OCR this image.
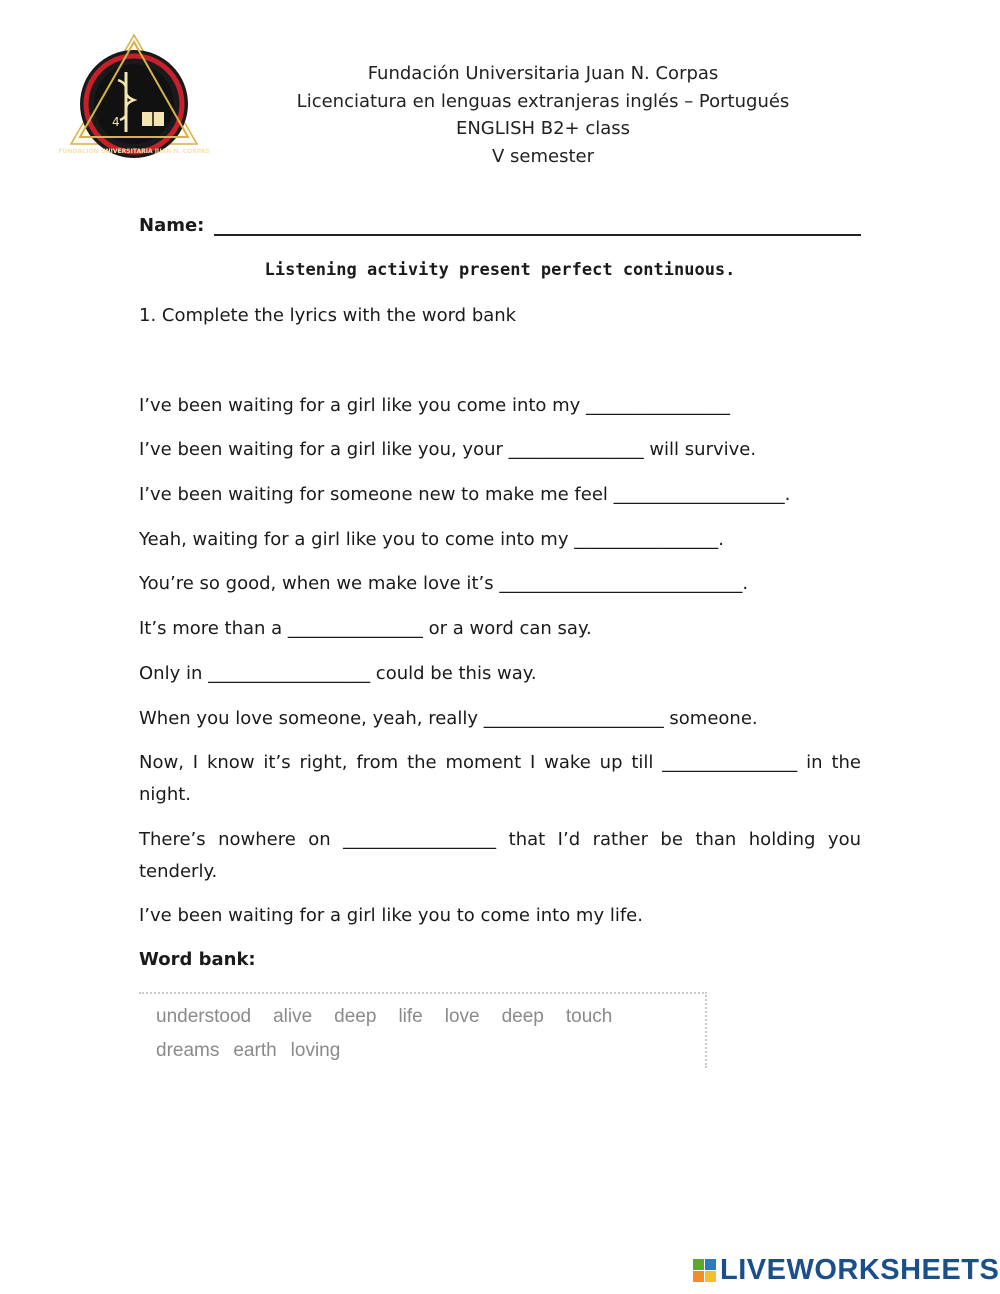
4
FUNDACIÓN UNIVERSITARIA JUAN N. CORPAS
Fundación Universitaria Juan N. Corpas
Licenciatura en lenguas extranjeras inglés – Portugués
ENGLISH B2+ class
V semester
Name:
Listening activity present perfect continuous.
1. Complete the lyrics with the word bank
I’ve been waiting for a girl like you come into my ________________
I’ve been waiting for a girl like you, your _______________ will survive.
I’ve been waiting for someone new to make me feel ___________________.
Yeah, waiting for a girl like you to come into my ________________.
You’re so good, when we make love it’s ___________________________.
It’s more than a _______________ or a word can say.
Only in __________________ could be this way.
When you love someone, yeah, really ____________________ someone.
Now, I know it’s right, from the moment I wake up till _______________ in the night.
There’s nowhere on _________________ that I’d rather be than holding you tenderly.
I’ve been waiting for a girl like you to come into my life.
Word bank:
understood alive deep life love deep touch
dreams earth loving
LIVEWORKSHEETS
